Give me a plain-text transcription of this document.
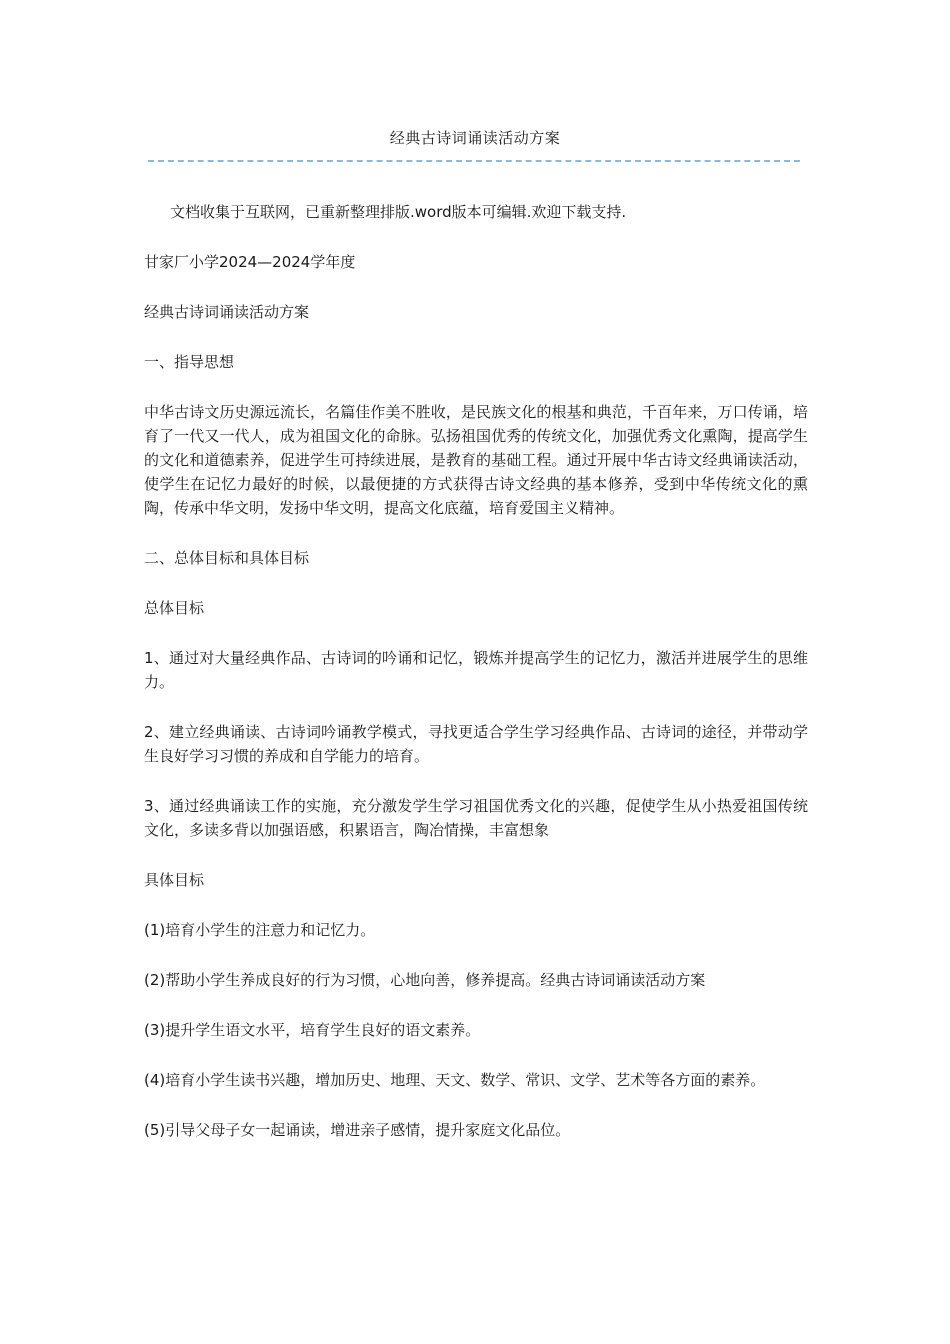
经典古诗词诵读活动方案

文档收集于互联网，已重新整理排版.word版本可编辑.欢迎下载支持.

甘家厂小学2024—2024学年度

经典古诗词诵读活动方案

一、指导思想

中华古诗文历史源远流长，名篇佳作美不胜收，是民族文化的根基和典范，千百年来，万口传诵，培育了一代又一代人，成为祖国文化的命脉。弘扬祖国优秀的传统文化，加强优秀文化熏陶，提高学生的文化和道德素养，促进学生可持续进展，是教育的基础工程。通过开展中华古诗文经典诵读活动，使学生在记忆力最好的时候，以最便捷的方式获得古诗文经典的基本修养，受到中华传统文化的熏陶，传承中华文明，发扬中华文明，提高文化底蕴，培育爱国主义精神。

二、总体目标和具体目标

总体目标

1、通过对大量经典作品、古诗词的吟诵和记忆，锻炼并提高学生的记忆力，激活并进展学生的思维力。

2、建立经典诵读、古诗词吟诵教学模式，寻找更适合学生学习经典作品、古诗词的途径，并带动学生良好学习习惯的养成和自学能力的培育。

3、通过经典诵读工作的实施，充分激发学生学习祖国优秀文化的兴趣，促使学生从小热爱祖国传统文化，多读多背以加强语感，积累语言，陶冶情操，丰富想象

具体目标

(1)培育小学生的注意力和记忆力。

(2)帮助小学生养成良好的行为习惯，心地向善，修养提高。经典古诗词诵读活动方案

(3)提升学生语文水平，培育学生良好的语文素养。

(4)培育小学生读书兴趣，增加历史、地理、天文、数学、常识、文学、艺术等各方面的素养。

(5)引导父母子女一起诵读，增进亲子感情，提升家庭文化品位。
